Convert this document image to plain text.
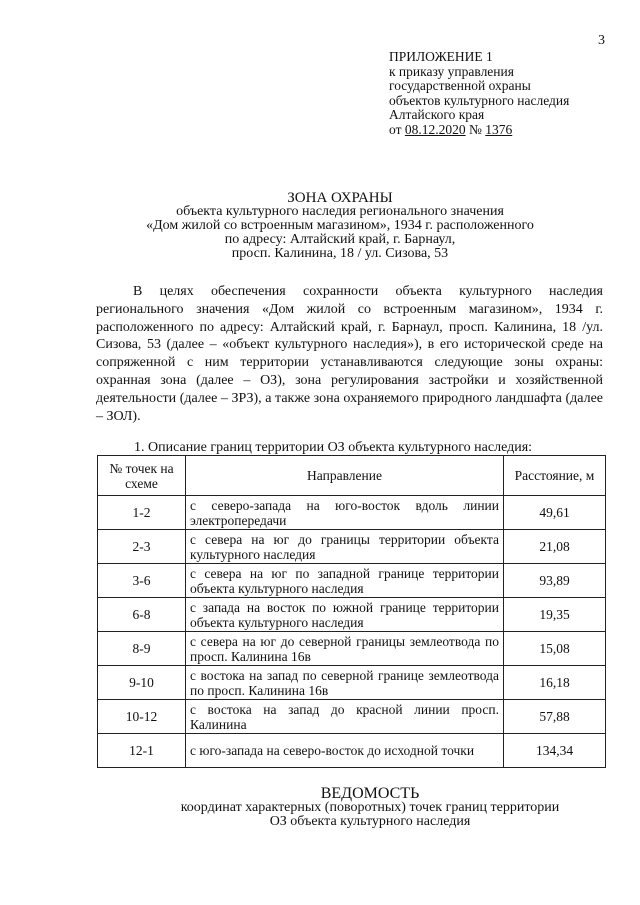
3
ПРИЛОЖЕНИЕ 1
к приказу управления
государственной охраны
объектов культурного наследия
Алтайского края
от 08.12.2020 № 1376
ЗОНА ОХРАНЫ
объекта культурного наследия регионального значения
«Дом жилой со встроенным магазином», 1934 г. расположенного
по адресу: Алтайский край, г. Барнаул,
просп. Калинина, 18 / ул. Сизова, 53
В целях обеспечения сохранности объекта культурного наследия регионального значения «Дом жилой со встроенным магазином», 1934 г. расположенного по адресу: Алтайский край, г. Барнаул, просп. Калинина, 18 /ул. Сизова, 53 (далее – «объект культурного наследия»), в его исторической среде на сопряженной с ним территории устанавливаются следующие зоны охраны: охранная зона (далее – ОЗ), зона регулирования застройки и хозяйственной деятельности (далее – ЗРЗ), а также зона охраняемого природного ландшафта (далее – ЗОЛ).
1. Описание границ территории ОЗ объекта культурного наследия:
№ точек на схеме	Направление	Расстояние, м
1-2	с северо-запада на юго-восток вдоль линии электропередачи	49,61
2-3	с севера на юг до границы территории объекта культурного наследия	21,08
3-6	с севера на юг по западной границе территории объекта культурного наследия	93,89
6-8	с запада на восток по южной границе территории объекта культурного наследия	19,35
8-9	с севера на юг до северной границы землеотвода по просп. Калинина 16в	15,08
9-10	с востока на запад по северной границе землеотвода по просп. Калинина 16в	16,18
10-12	с востока на запад до красной линии просп. Калинина	57,88
12-1	с юго-запада на северо-восток до исходной точки	134,34
ВЕДОМОСТЬ
координат характерных (поворотных) точек границ территории
ОЗ объекта культурного наследия
